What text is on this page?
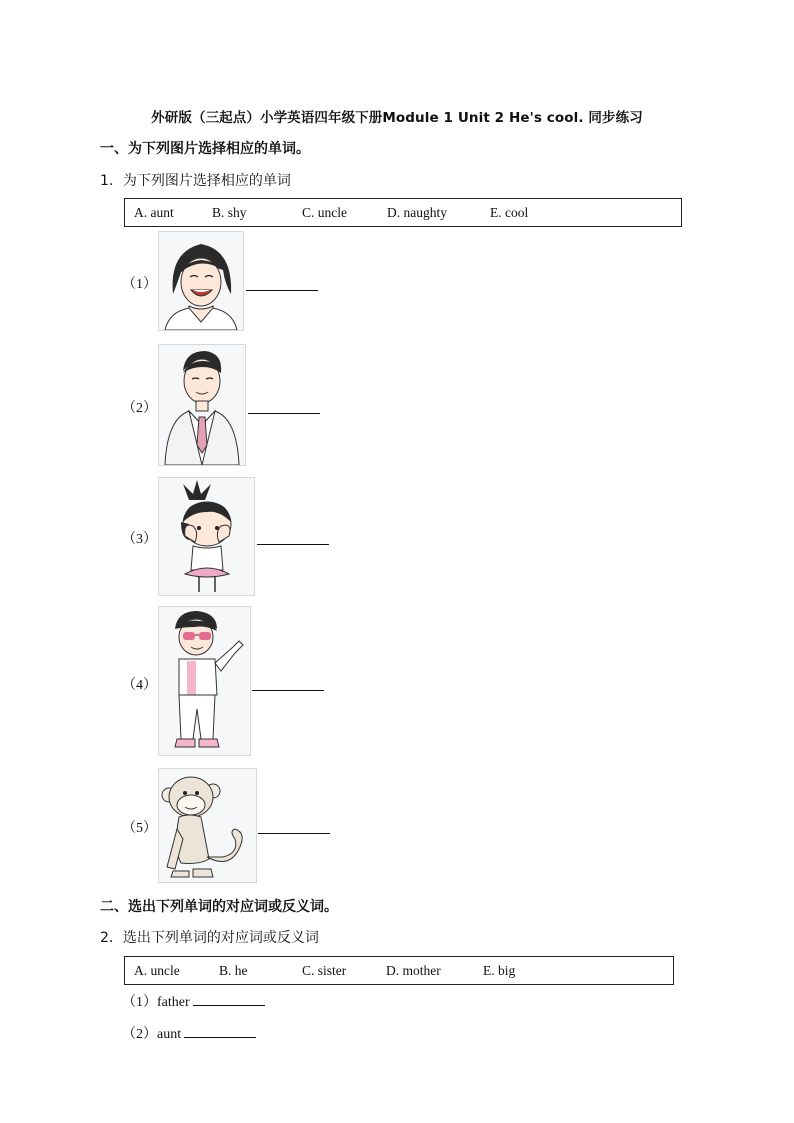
外研版（三起点）小学英语四年级下册Module 1 Unit 2 He's cool. 同步练习
一、为下列图片选择相应的单词。
1．为下列图片选择相应的单词
A. aunt	B. shy	C. uncle	D. naughty	E. cool
（1）
（2）
（3）
（4）
（5）
二、选出下列单词的对应词或反义词。
2．选出下列单词的对应词或反义词
A. uncle	B. he	C. sister	D. mother	E. big
（1）father
（2）aunt
